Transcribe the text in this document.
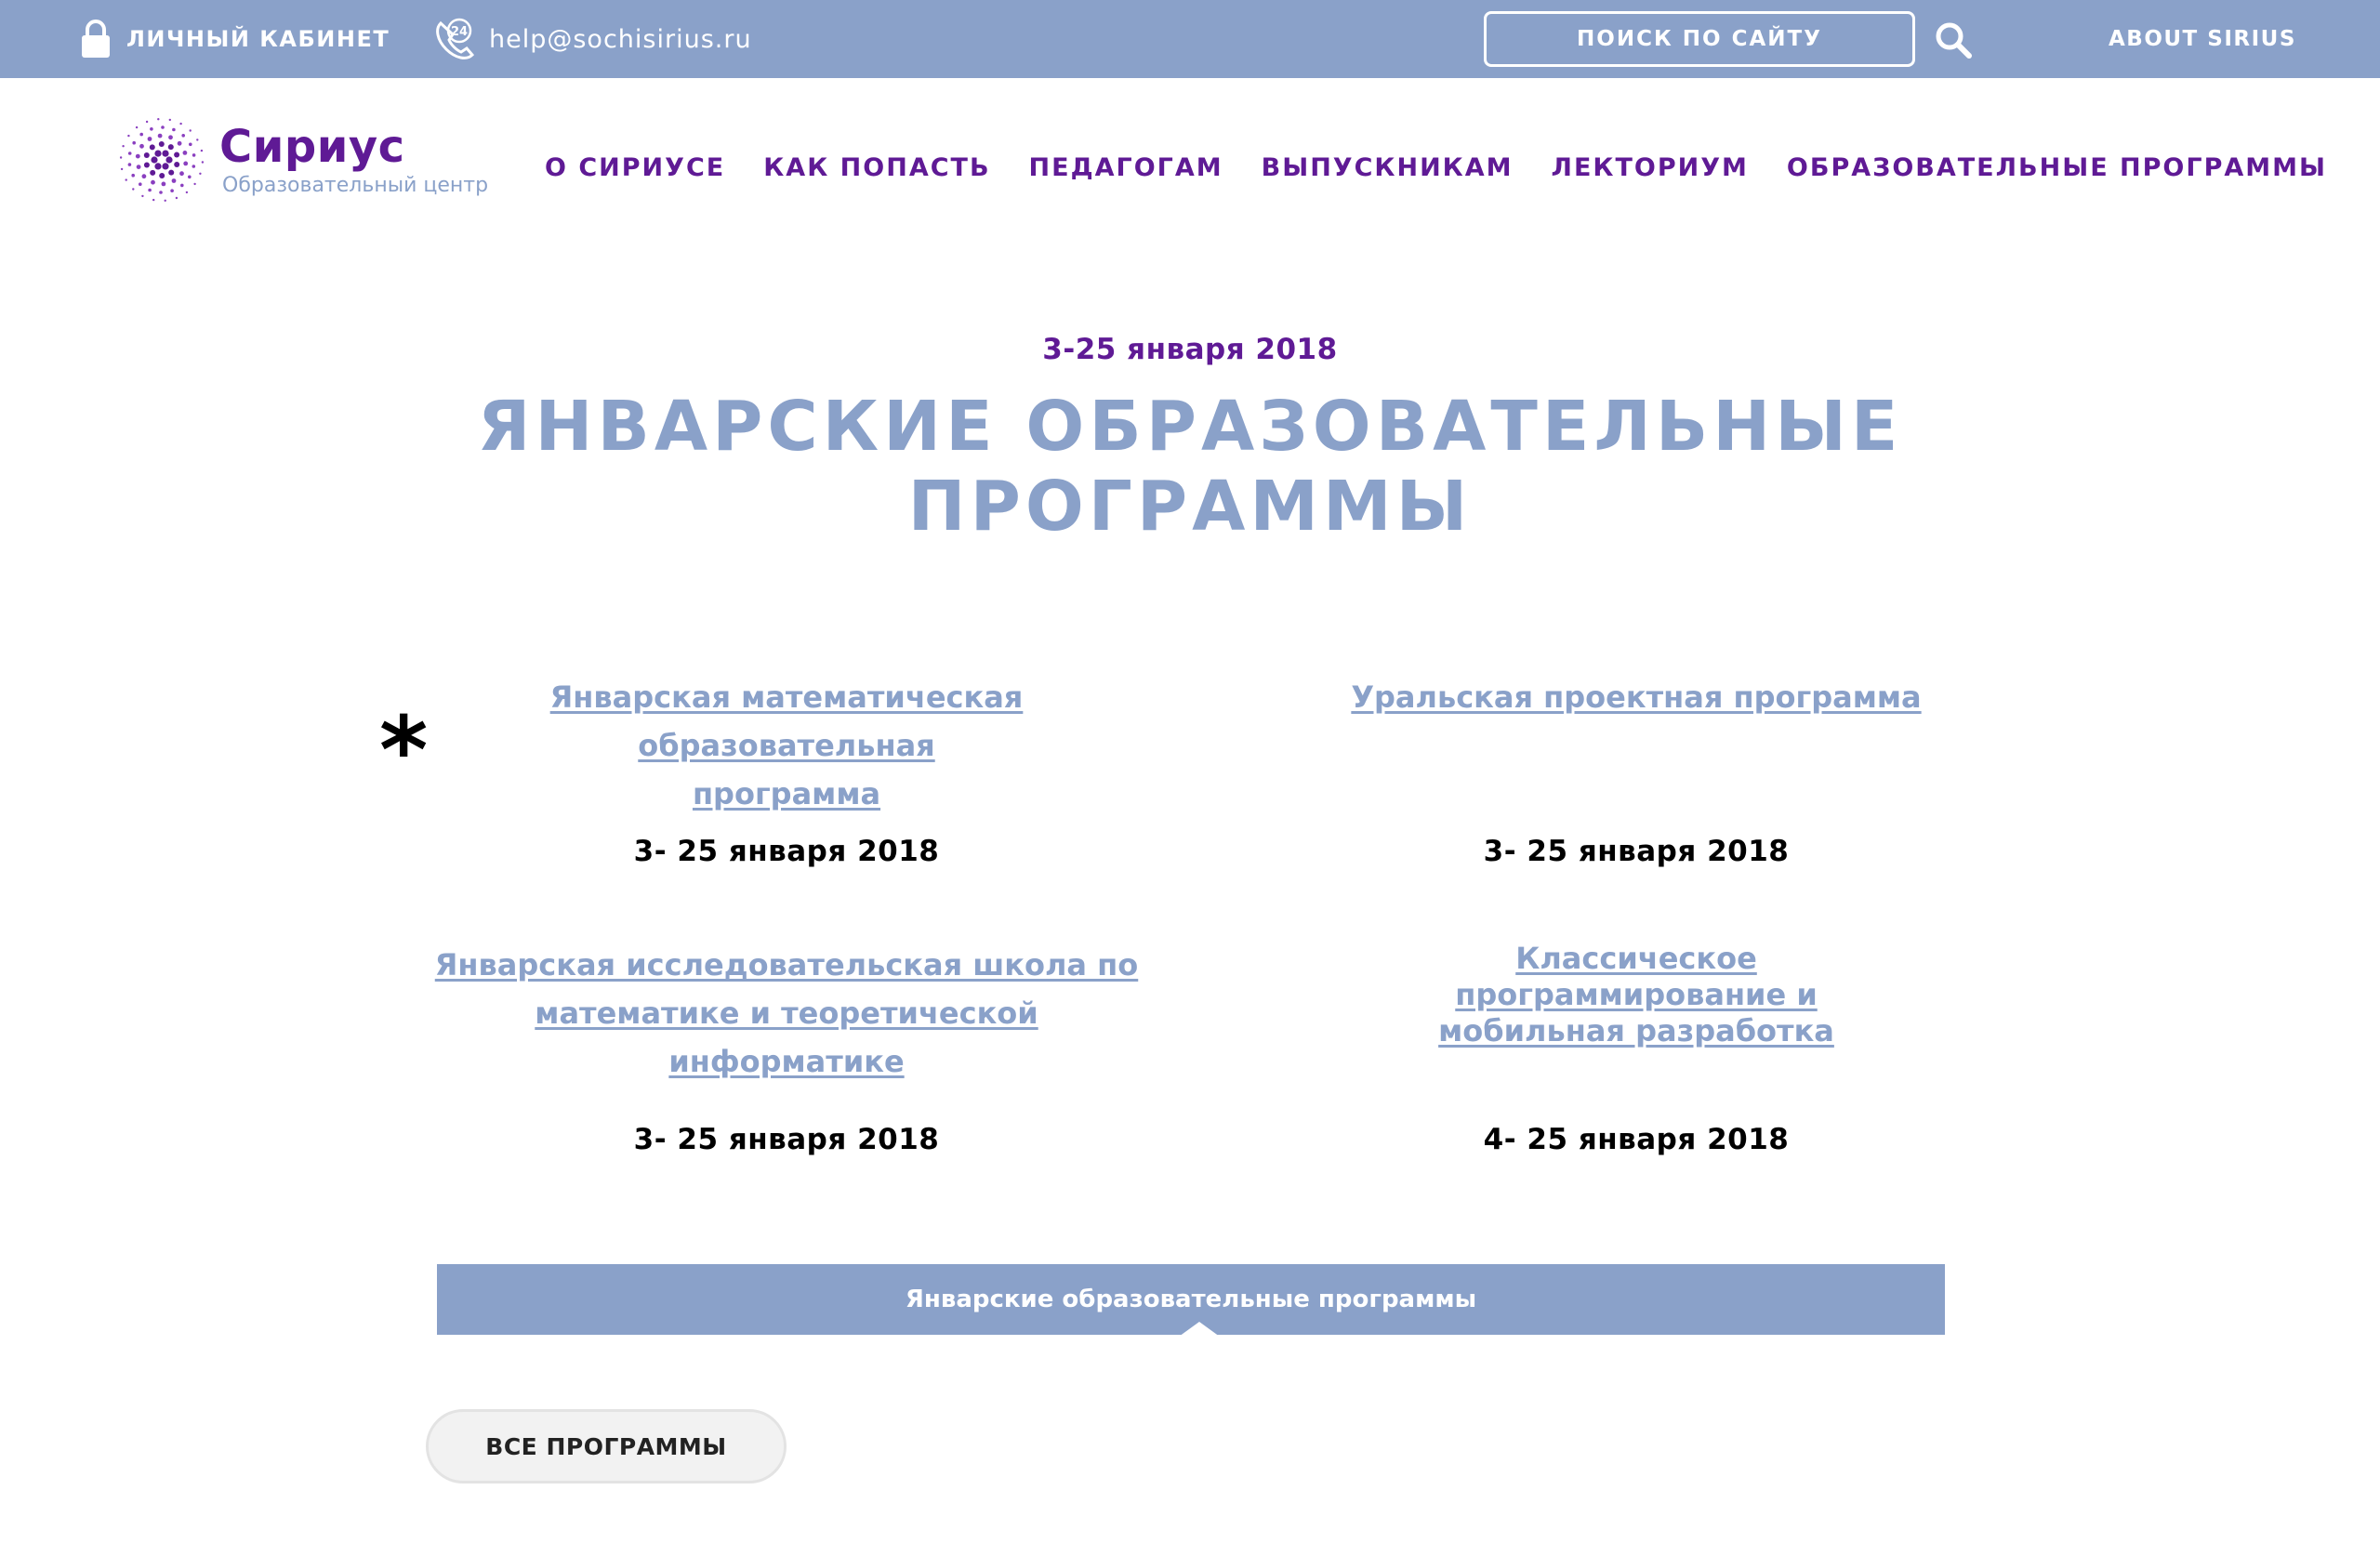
ЛИЧНЫЙ КАБИНЕТ	24 help@sochisirius.ru	ПОИСК ПО САЙТУ	ABOUT SIRIUS
Сириус
Образовательный центр
О СИРИУСЕ КАК ПОПАСТЬ ПЕДАГОГАМ ВЫПУСКНИКАМ ЛЕКТОРИУМ ОБРАЗОВАТЕЛЬНЫЕ ПРОГРАММЫ
3-25 января 2018
ЯНВАРСКИЕ ОБРАЗОВАТЕЛЬНЫЕ ПРОГРАММЫ
*	Январская математическая образовательная программа
3- 25 января 2018
Уральская проектная программа
3- 25 января 2018
Январская исследовательская школа по математике и теоретической информатике
3- 25 января 2018
Классическое программирование и мобильная разработка
4- 25 января 2018
Январские образовательные программы
ВСЕ ПРОГРАММЫ
